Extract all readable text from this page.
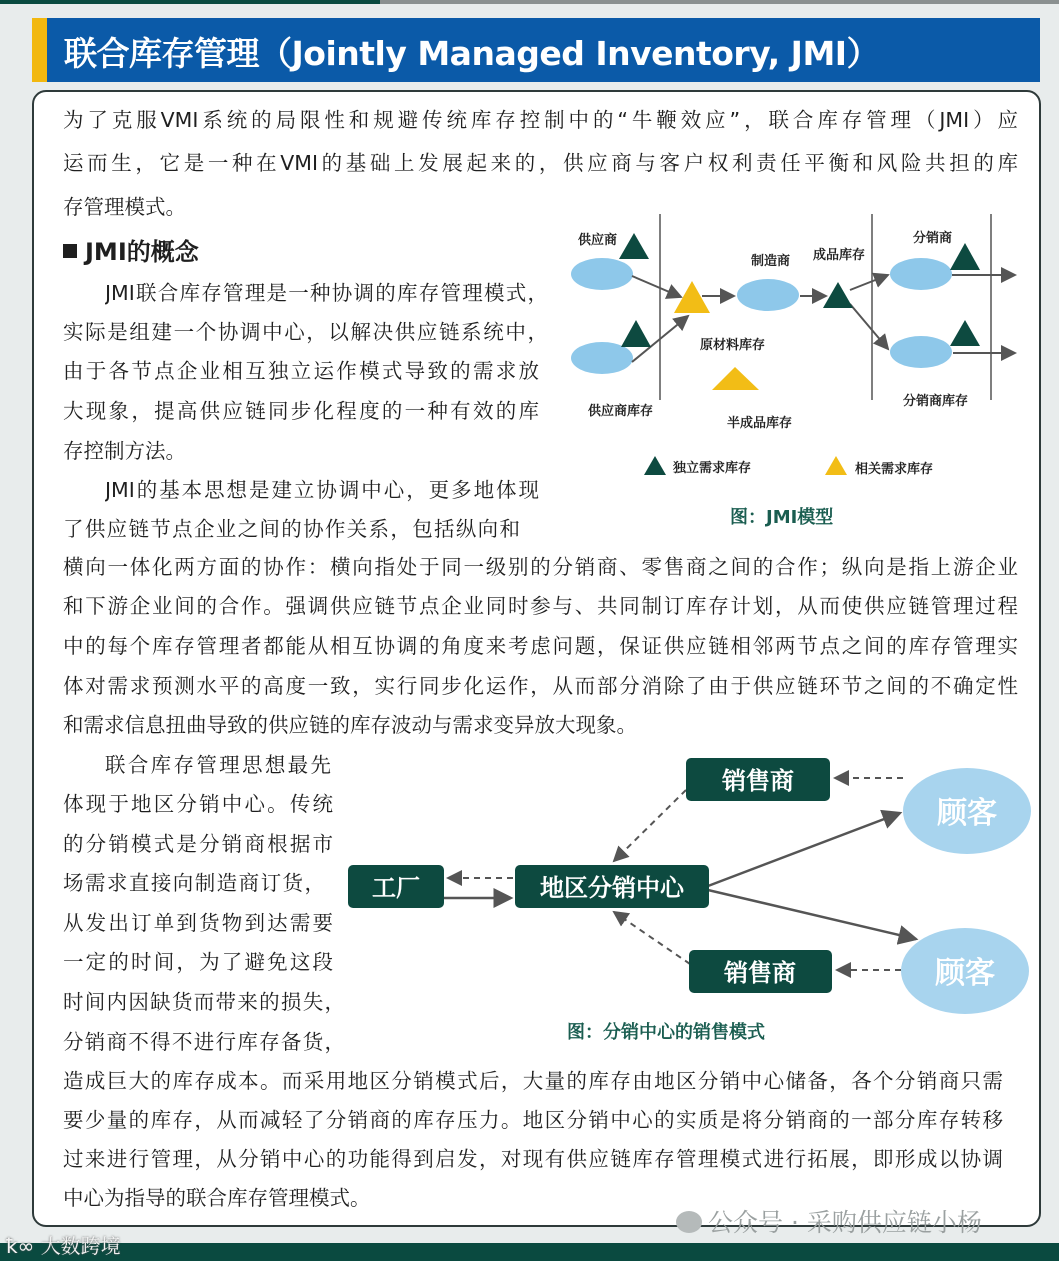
联合库存管理（Jointly Managed Inventory, JMI）
为了克服VMI系统的局限性和规避传统库存控制中的“牛鞭效应”，联合库存管理（JMI）应
运而生，它是一种在VMI的基础上发展起来的，供应商与客户权利责任平衡和风险共担的库
存管理模式。
JMI的概念
JMI联合库存管理是一种协调的库存管理模式，
实际是组建一个协调中心，以解决供应链系统中，
由于各节点企业相互独立运作模式导致的需求放
大现象，提高供应链同步化程度的一种有效的库
存控制方法。
JMI的基本思想是建立协调中心，更多地体现
了供应链节点企业之间的协作关系，包括纵向和
横向一体化两方面的协作：横向指处于同一级别的分销商、零售商之间的合作；纵向是指上游企业
和下游企业间的合作。强调供应链节点企业同时参与、共同制订库存计划，从而使供应链管理过程
中的每个库存管理者都能从相互协调的角度来考虑问题，保证供应链相邻两节点之间的库存管理实
体对需求预测水平的高度一致，实行同步化运作，从而部分消除了由于供应链环节之间的不确定性
和需求信息扭曲导致的供应链的库存波动与需求变异放大现象。
联合库存管理思想最先
体现于地区分销中心。传统
的分销模式是分销商根据市
场需求直接向制造商订货，
从发出订单到货物到达需要
一定的时间，为了避免这段
时间内因缺货而带来的损失，
分销商不得不进行库存备货，
造成巨大的库存成本。而采用地区分销模式后，大量的库存由地区分销中心储备，各个分销商只需
要少量的库存，从而减轻了分销商的库存压力。地区分销中心的实质是将分销商的一部分库存转移
过来进行管理，从分销中心的功能得到启发，对现有供应链库存管理模式进行拓展，即形成以协调
中心为指导的联合库存管理模式。
供应商
制造商 成品库存
分销商
原材料库存
供应商库存
半成品库存
分销商库存
独立需求库存	相关需求库存
图：JMI模型
工厂	地区分销中心
销售商
销售商
顾客
顾客
图：分销中心的销售模式
公众号 · 采购供应链小杨
ꝁ∞ 大数跨境
